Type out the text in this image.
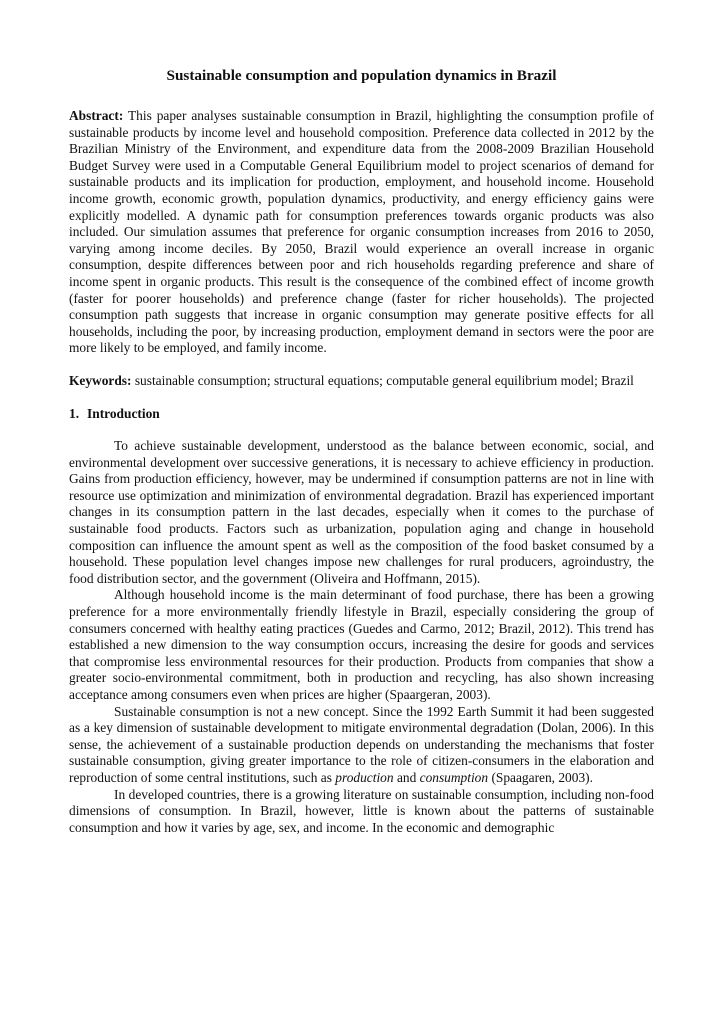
Sustainable consumption and population dynamics in Brazil

Abstract: This paper analyses sustainable consumption in Brazil, highlighting the consumption profile of sustainable products by income level and household composition. Preference data collected in 2012 by the Brazilian Ministry of the Environment, and expenditure data from the 2008-2009 Brazilian Household Budget Survey were used in a Computable General Equilibrium model to project scenarios of demand for sustainable products and its implication for production, employment, and household income. Household income growth, economic growth, population dynamics, productivity, and energy efficiency gains were explicitly modelled. A dynamic path for consumption preferences towards organic products was also included. Our simulation assumes that preference for organic consumption increases from 2016 to 2050, varying among income deciles. By 2050, Brazil would experience an overall increase in organic consumption, despite differences between poor and rich households regarding preference and share of income spent in organic products. This result is the consequence of the combined effect of income growth (faster for poorer households) and preference change (faster for richer households). The projected consumption path suggests that increase in organic consumption may generate positive effects for all households, including the poor, by increasing production, employment demand in sectors were the poor are more likely to be employed, and family income.

Keywords: sustainable consumption; structural equations; computable general equilibrium model; Brazil

1. Introduction

To achieve sustainable development, understood as the balance between economic, social, and environmental development over successive generations, it is necessary to achieve efficiency in production. Gains from production efficiency, however, may be undermined if consumption patterns are not in line with resource use optimization and minimization of environmental degradation. Brazil has experienced important changes in its consumption pattern in the last decades, especially when it comes to the purchase of sustainable food products. Factors such as urbanization, population aging and change in household composition can influence the amount spent as well as the composition of the food basket consumed by a household. These population level changes impose new challenges for rural producers, agroindustry, the food distribution sector, and the government (Oliveira and Hoffmann, 2015).

Although household income is the main determinant of food purchase, there has been a growing preference for a more environmentally friendly lifestyle in Brazil, especially considering the group of consumers concerned with healthy eating practices (Guedes and Carmo, 2012; Brazil, 2012). This trend has established a new dimension to the way consumption occurs, increasing the desire for goods and services that compromise less environmental resources for their production. Products from companies that show a greater socio-environmental commitment, both in production and recycling, has also shown increasing acceptance among consumers even when prices are higher (Spaargeran, 2003).

Sustainable consumption is not a new concept. Since the 1992 Earth Summit it had been suggested as a key dimension of sustainable development to mitigate environmental degradation (Dolan, 2006). In this sense, the achievement of a sustainable production depends on understanding the mechanisms that foster sustainable consumption, giving greater importance to the role of citizen-consumers in the elaboration and reproduction of some central institutions, such as production and consumption (Spaagaren, 2003).

In developed countries, there is a growing literature on sustainable consumption, including non-food dimensions of consumption. In Brazil, however, little is known about the patterns of sustainable consumption and how it varies by age, sex, and income. In the economic and demographic
